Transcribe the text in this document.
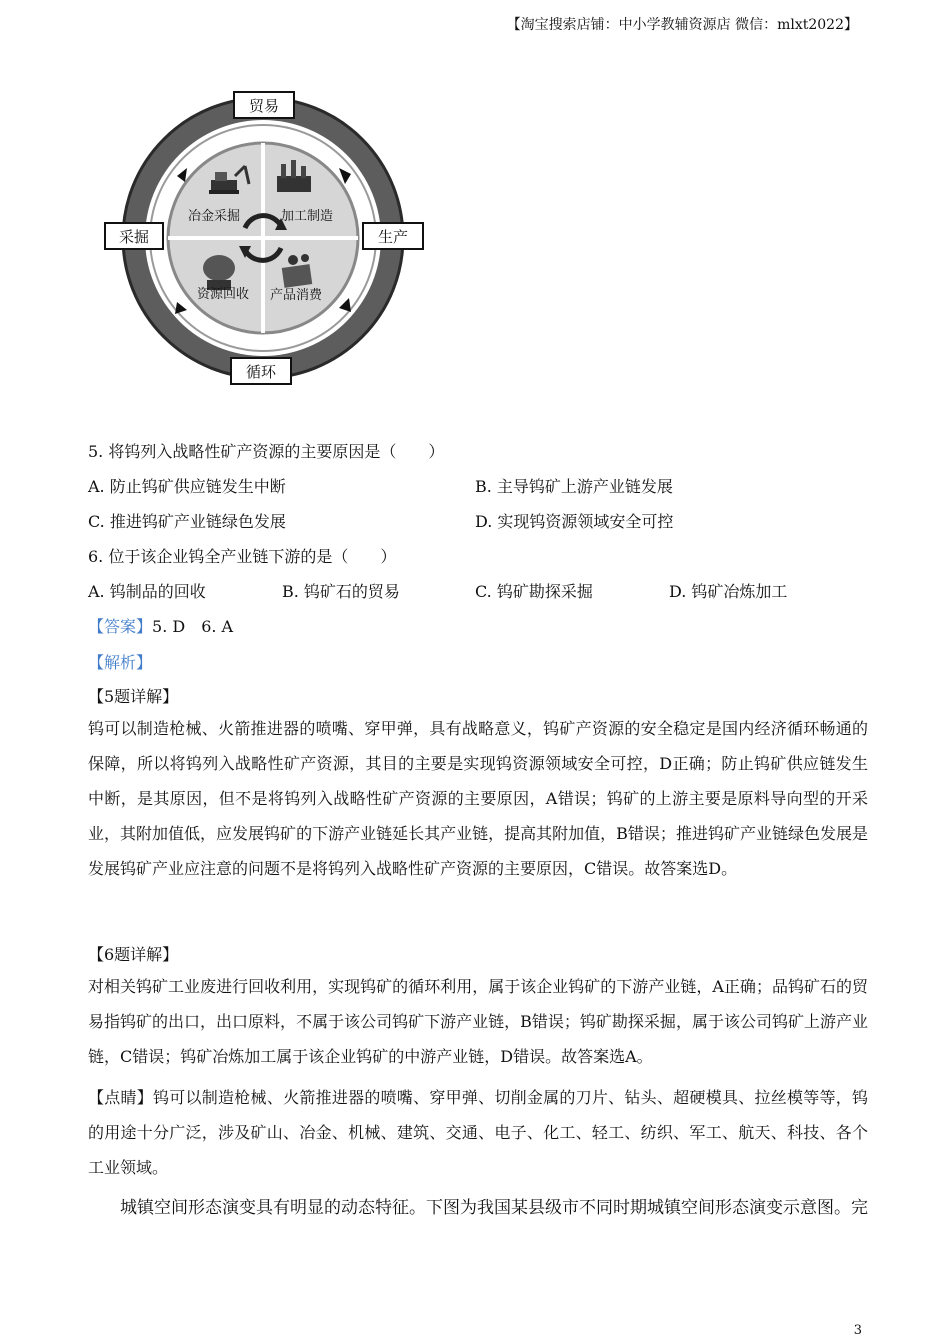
【淘宝搜索店铺：中小学教辅资源店 微信：mlxt2022】
冶金采掘	加工制造
资源回收 产品消费
贸易
采掘	生产
循环
5. 将钨列入战略性矿产资源的主要原因是（　　）
A. 防止钨矿供应链发生中断	B. 主导钨矿上游产业链发展
C. 推进钨矿产业链绿色发展	D. 实现钨资源领域安全可控
6. 位于该企业钨全产业链下游的是（　　）
A. 钨制品的回收	B. 钨矿石的贸易	C. 钨矿勘探采掘	D. 钨矿冶炼加工
【答案】5. D　6. A
【解析】
【5题详解】

钨可以制造枪械、火箭推进器的喷嘴、穿甲弹，具有战略意义，钨矿产资源的安全稳定是国内经济循环畅通的保障，所以将钨列入战略性矿产资源，其目的主要是实现钨资源领域安全可控，D正确；防止钨矿供应链发生中断，是其原因，但不是将钨列入战略性矿产资源的主要原因，A错误；钨矿的上游主要是原料导向型的开采业，其附加值低，应发展钨矿的下游产业链延长其产业链，提高其附加值，B错误；推进钨矿产业链绿色发展是发展钨矿产业应注意的问题不是将钨列入战略性矿产资源的主要原因，C错误。故答案选D。

【6题详解】

对相关钨矿工业废进行回收利用，实现钨矿的循环利用，属于该企业钨矿的下游产业链，A正确；品钨矿石的贸易指钨矿的出口，出口原料，不属于该公司钨矿下游产业链，B错误；钨矿勘探采掘，属于该公司钨矿上游产业链，C错误；钨矿冶炼加工属于该企业钨矿的中游产业链，D错误。故答案选A。

【点睛】钨可以制造枪械、火箭推进器的喷嘴、穿甲弹、切削金属的刀片、钻头、超硬模具、拉丝模等等，钨的用途十分广泛，涉及矿山、冶金、机械、建筑、交通、电子、化工、轻工、纺织、军工、航天、科技、各个工业领域。

城镇空间形态演变具有明显的动态特征。下图为我国某县级市不同时期城镇空间形态演变示意图。完
3
